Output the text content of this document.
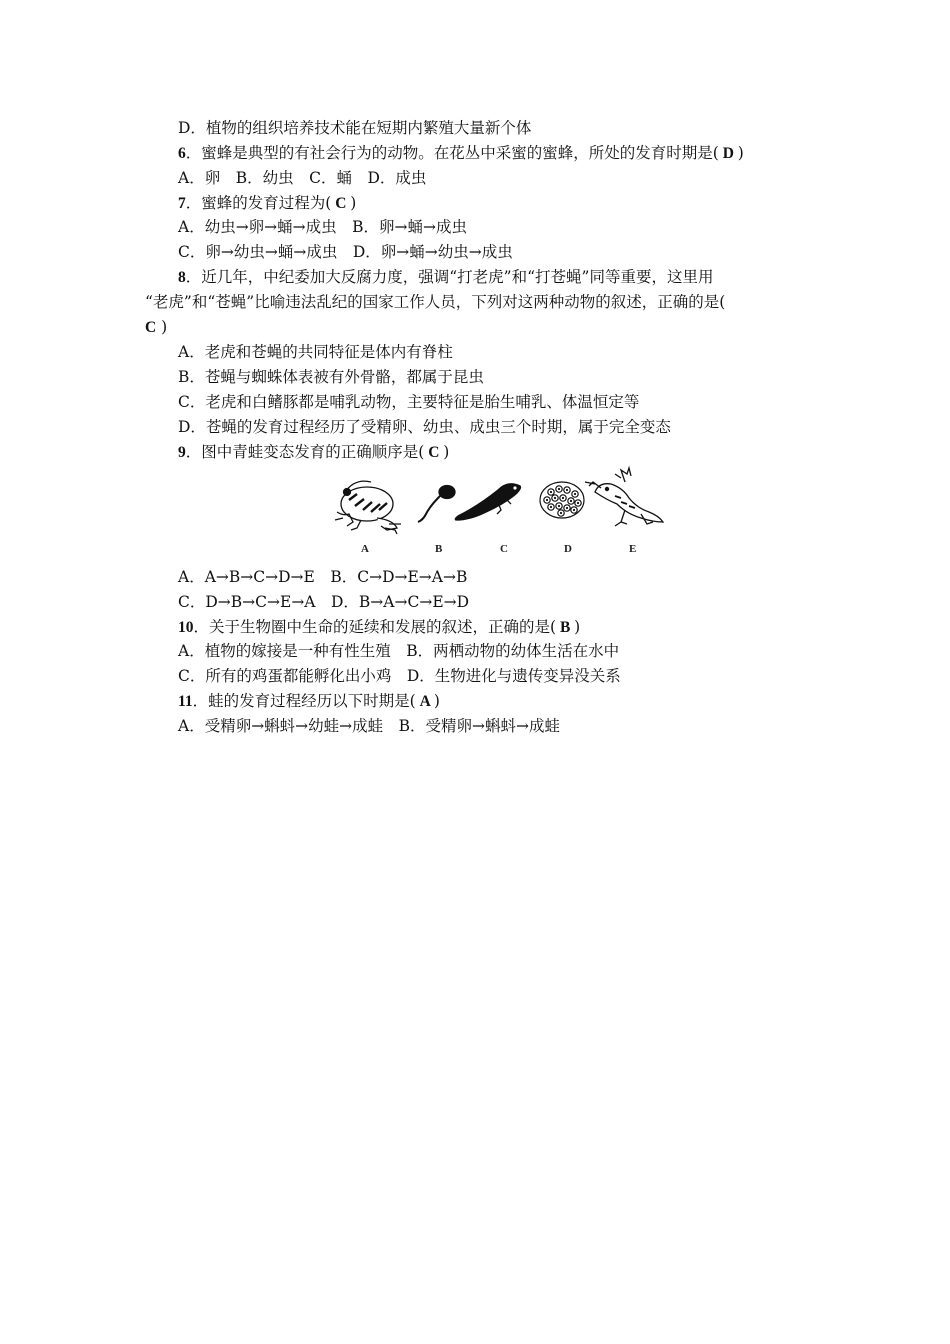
D．植物的组织培养技术能在短期内繁殖大量新个体
6．蜜蜂是典型的有社会行为的动物。在花丛中采蜜的蜜蜂，所处的发育时期是( D )
A．卵　B．幼虫　C．蛹　D．成虫
7．蜜蜂的发育过程为( C )
A．幼虫→卵→蛹→成虫　B．卵→蛹→成虫
C．卵→幼虫→蛹→成虫　D．卵→蛹→幼虫→成虫
8．近几年，中纪委加大反腐力度，强调“打老虎”和“打苍蝇”同等重要，这里用
“老虎”和“苍蝇”比喻违法乱纪的国家工作人员，下列对这两种动物的叙述，正确的是(
C )
A．老虎和苍蝇的共同特征是体内有脊柱
B．苍蝇与蜘蛛体表被有外骨骼，都属于昆虫
C．老虎和白鳍豚都是哺乳动物，主要特征是胎生哺乳、体温恒定等
D．苍蝇的发育过程经历了受精卵、幼虫、成虫三个时期，属于完全变态
9．图中青蛙变态发育的正确顺序是( C )
A	B	C	D	E
A．A→B→C→D→E　B．C→D→E→A→B
C．D→B→C→E→A　D．B→A→C→E→D
10．关于生物圈中生命的延续和发展的叙述，正确的是( B )
A．植物的嫁接是一种有性生殖　B．两栖动物的幼体生活在水中
C．所有的鸡蛋都能孵化出小鸡　D．生物进化与遗传变异没关系
11．蛙的发育过程经历以下时期是( A )
A．受精卵→蝌蚪→幼蛙→成蛙　B．受精卵→蝌蚪→成蛙
